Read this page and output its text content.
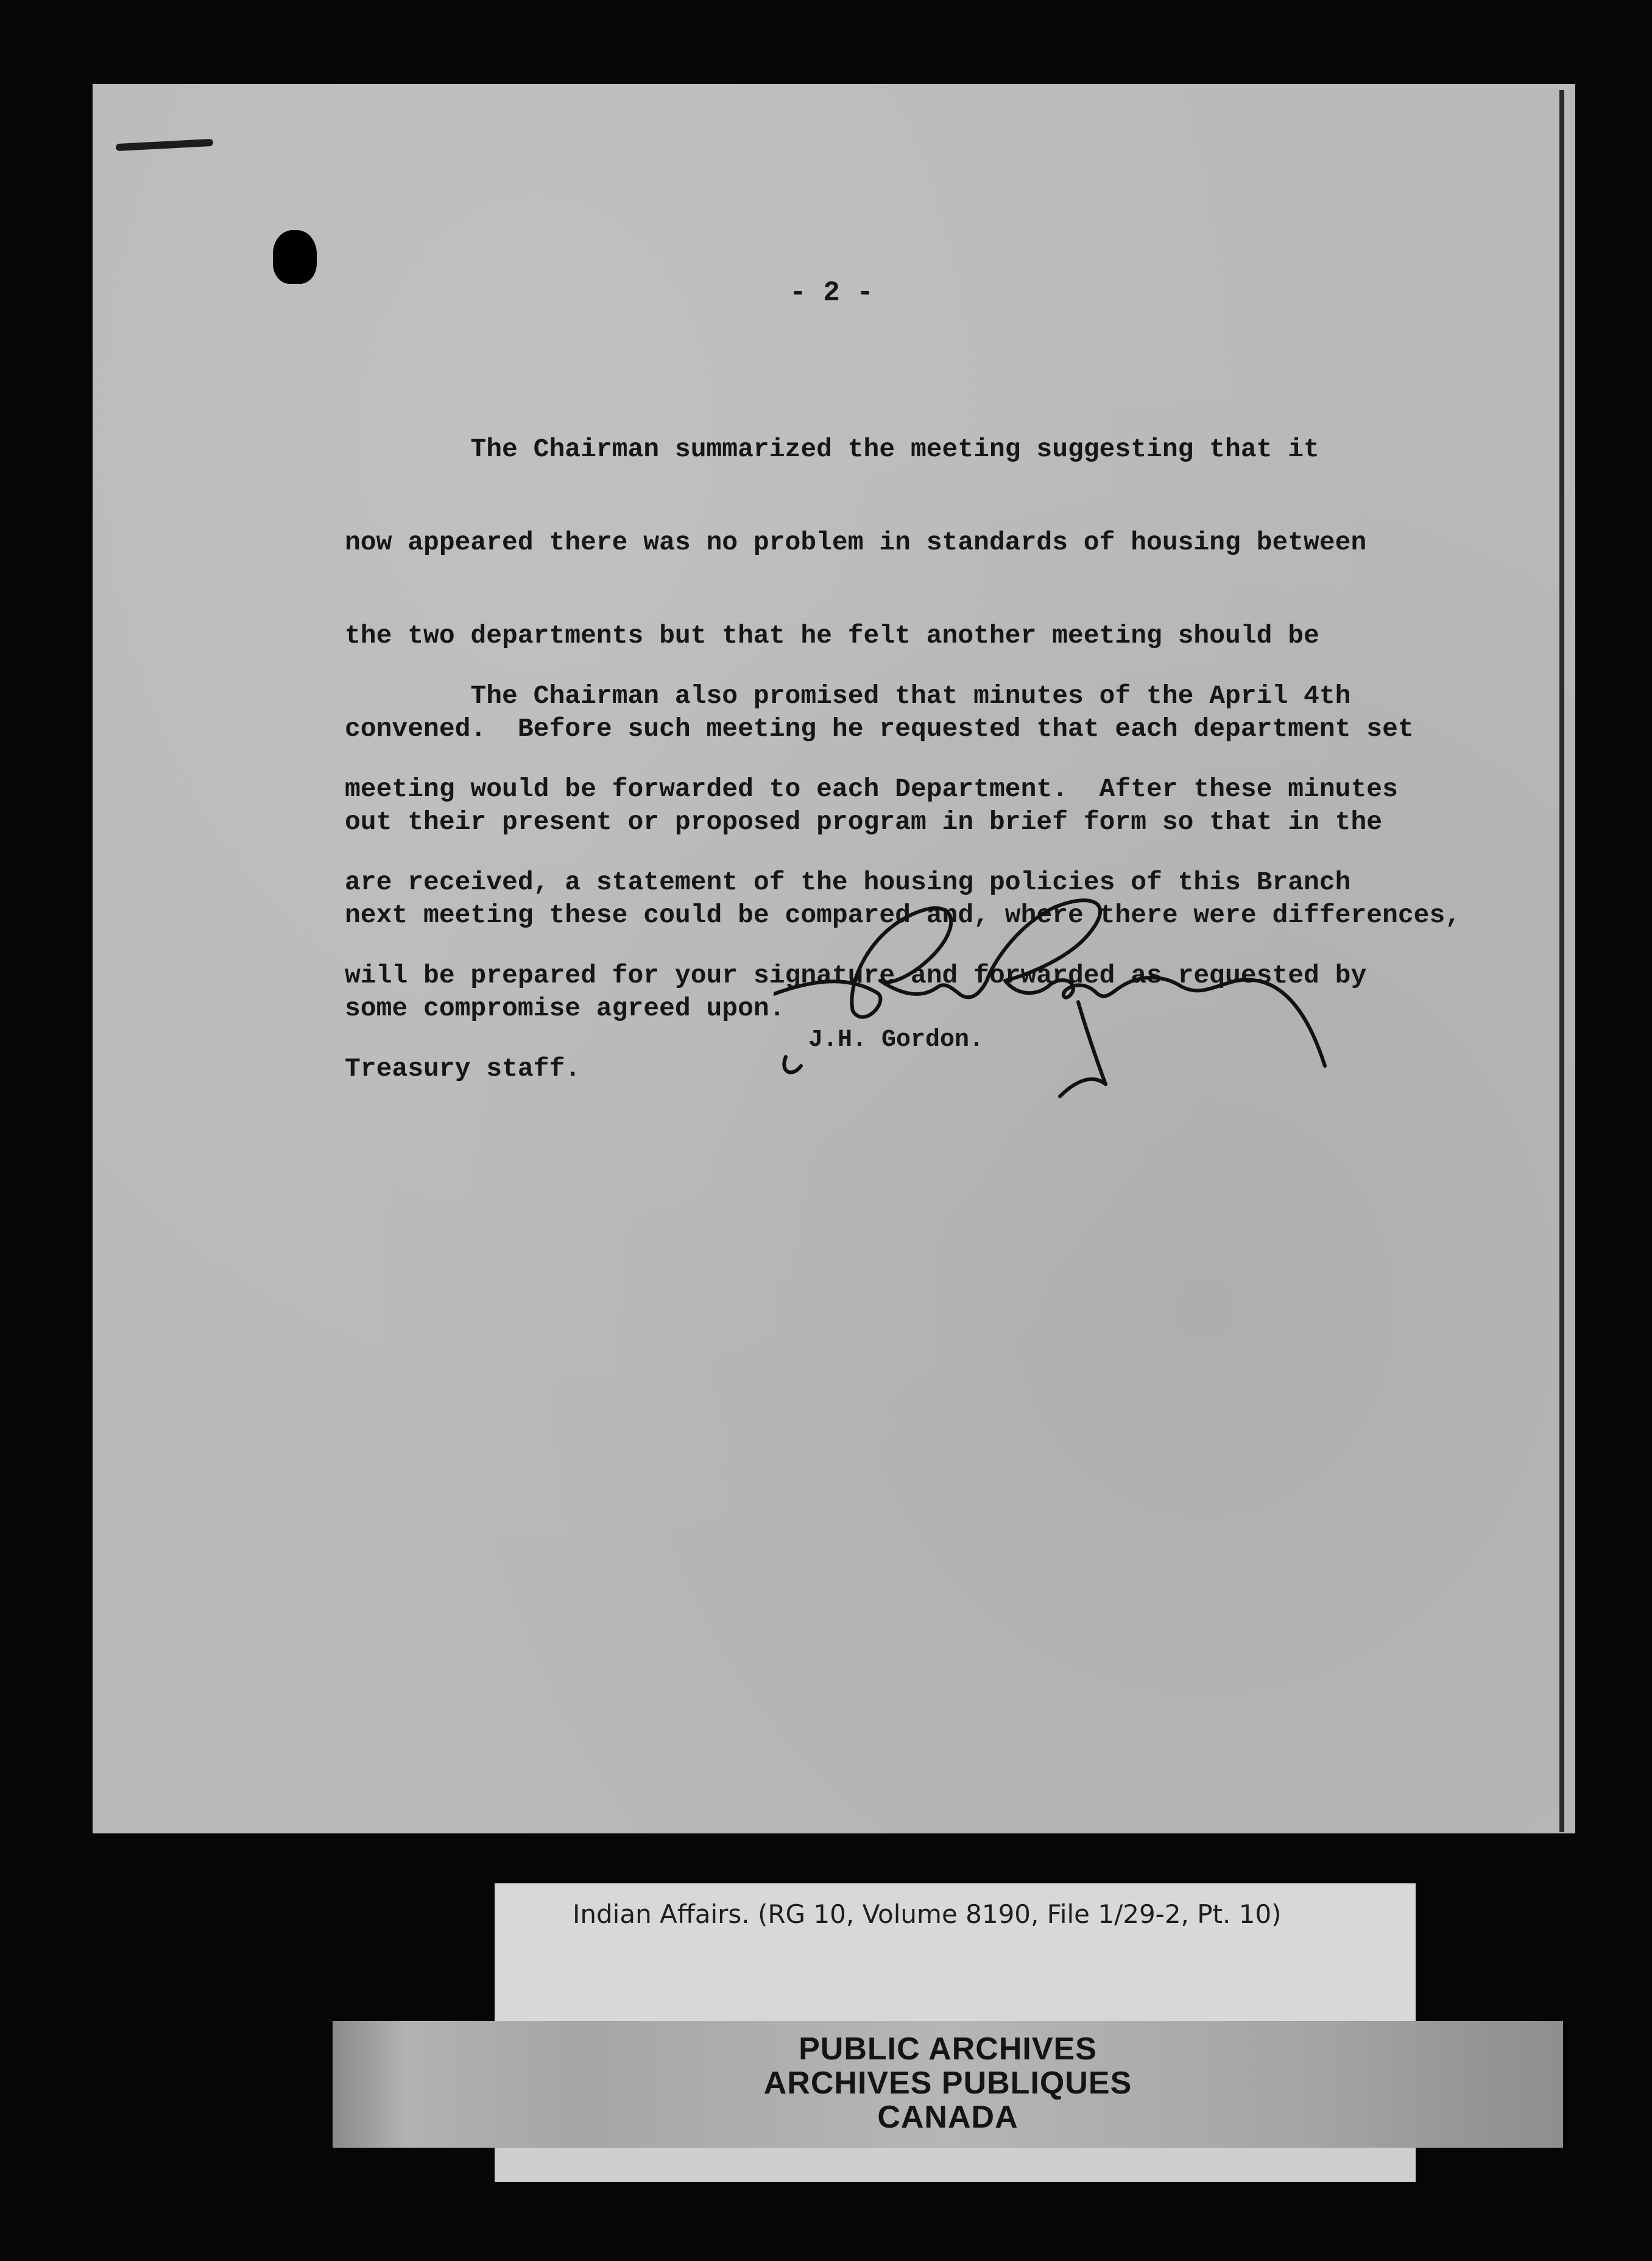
- 2 -

The Chairman summarized the meeting suggesting that it

now appeared there was no problem in standards of housing between

the two departments but that he felt another meeting should be

convened.  Before such meeting he requested that each department set

out their present or proposed program in brief form so that in the

next meeting these could be compared and, where there were differences,

some compromise agreed upon.

The Chairman also promised that minutes of the April 4th

meeting would be forwarded to each Department.  After these minutes

are received, a statement of the housing policies of this Branch

will be prepared for your signature and forwarded as requested by

Treasury staff.

J.H. Gordon.
Indian Affairs. (RG 10, Volume 8190, File 1/29-2, Pt. 10)
PUBLIC ARCHIVES
ARCHIVES PUBLIQUES
CANADA
